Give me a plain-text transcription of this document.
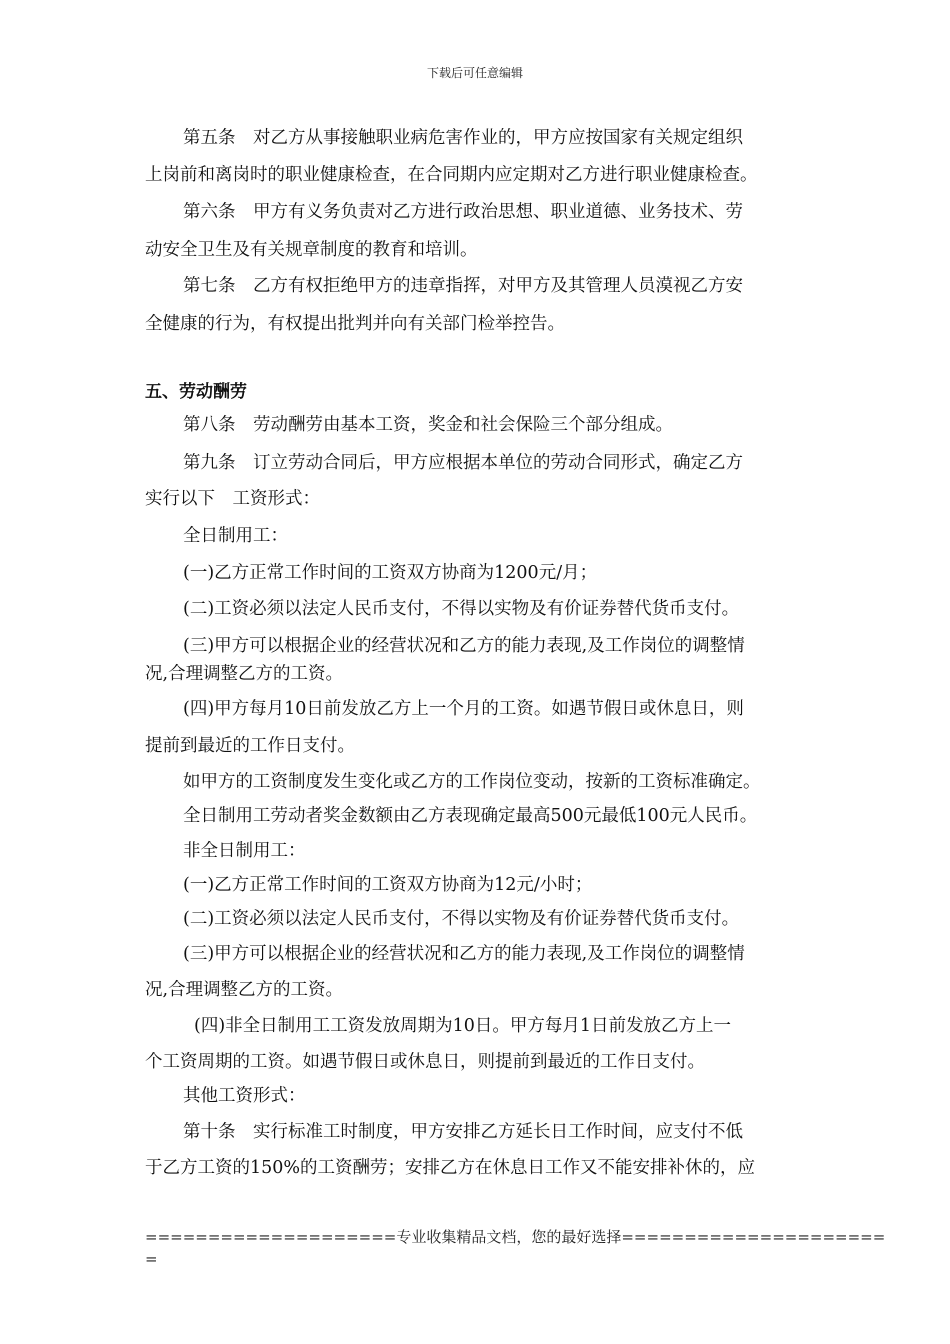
下载后可任意编辑
第五条　对乙方从事接触职业病危害作业的，甲方应按国家有关规定组织
上岗前和离岗时的职业健康检查，在合同期内应定期对乙方进行职业健康检查。
第六条　甲方有义务负责对乙方进行政治思想、职业道德、业务技术、劳
动安全卫生及有关规章制度的教育和培训。
第七条　乙方有权拒绝甲方的违章指挥，对甲方及其管理人员漠视乙方安
全健康的行为，有权提出批判并向有关部门检举控告。
五、劳动酬劳
第八条　劳动酬劳由基本工资，奖金和社会保险三个部分组成。
第九条　订立劳动合同后，甲方应根据本单位的劳动合同形式，确定乙方
实行以下　工资形式：
全日制用工：
(一)乙方正常工作时间的工资双方协商为1200元/月；
(二)工资必须以法定人民币支付，不得以实物及有价证券替代货币支付。
(三)甲方可以根据企业的经营状况和乙方的能力表现,及工作岗位的调整情
况,合理调整乙方的工资。
(四)甲方每月10日前发放乙方上一个月的工资。如遇节假日或休息日，则
提前到最近的工作日支付。
如甲方的工资制度发生变化或乙方的工作岗位变动，按新的工资标准确定。
全日制用工劳动者奖金数额由乙方表现确定最高500元最低100元人民币。
非全日制用工：
(一)乙方正常工作时间的工资双方协商为12元/小时；
(二)工资必须以法定人民币支付，不得以实物及有价证券替代货币支付。
(三)甲方可以根据企业的经营状况和乙方的能力表现,及工作岗位的调整情
况,合理调整乙方的工资。
(四)非全日制用工工资发放周期为10日。甲方每月1日前发放乙方上一
个工资周期的工资。如遇节假日或休息日，则提前到最近的工作日支付。
其他工资形式：
第十条　实行标准工时制度，甲方安排乙方延长日工作时间，应支付不低
于乙方工资的150%的工资酬劳；安排乙方在休息日工作又不能安排补休的，应
====================专业收集精品文档，您的最好选择=====================
=
